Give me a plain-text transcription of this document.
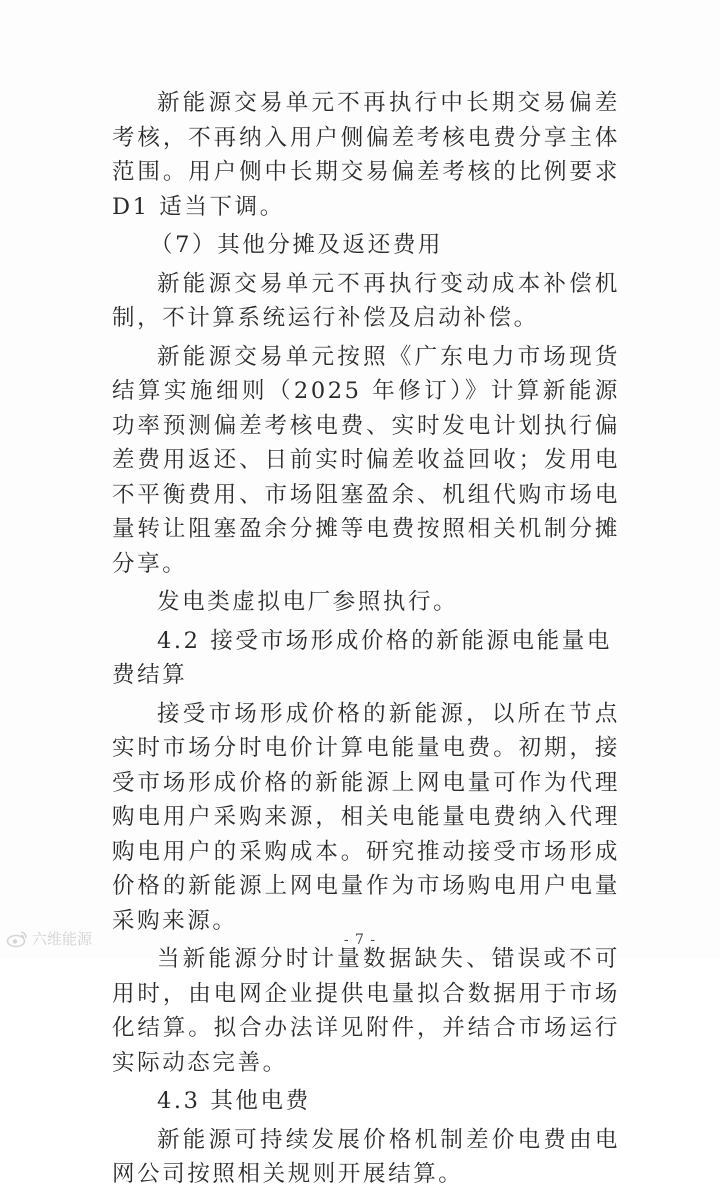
新能源交易单元不再执行中长期交易偏差考核，不再纳入用户侧偏差考核电费分享主体范围。用户侧中长期交易偏差考核的比例要求 D1 适当下调。

（7）其他分摊及返还费用

新能源交易单元不再执行变动成本补偿机制，不计算系统运行补偿及启动补偿。

新能源交易单元按照《广东电力市场现货结算实施细则（2025 年修订）》计算新能源功率预测偏差考核电费、实时发电计划执行偏差费用返还、日前实时偏差收益回收；发用电不平衡费用、市场阻塞盈余、机组代购市场电量转让阻塞盈余分摊等电费按照相关机制分摊分享。

发电类虚拟电厂参照执行。

4.2 接受市场形成价格的新能源电能量电费结算

接受市场形成价格的新能源，以所在节点实时市场分时电价计算电能量电费。初期，接受市场形成价格的新能源上网电量可作为代理购电用户采购来源，相关电能量电费纳入代理购电用户的采购成本。研究推动接受市场形成价格的新能源上网电量作为市场购电用户电量采购来源。

当新能源分时计量数据缺失、错误或不可用时，由电网企业提供电量拟合数据用于市场化结算。拟合办法详见附件，并结合市场运行实际动态完善。

4.3 其他电费

新能源可持续发展价格机制差价电费由电网公司按照相关规则开展结算。

- 7 -
六维能源
